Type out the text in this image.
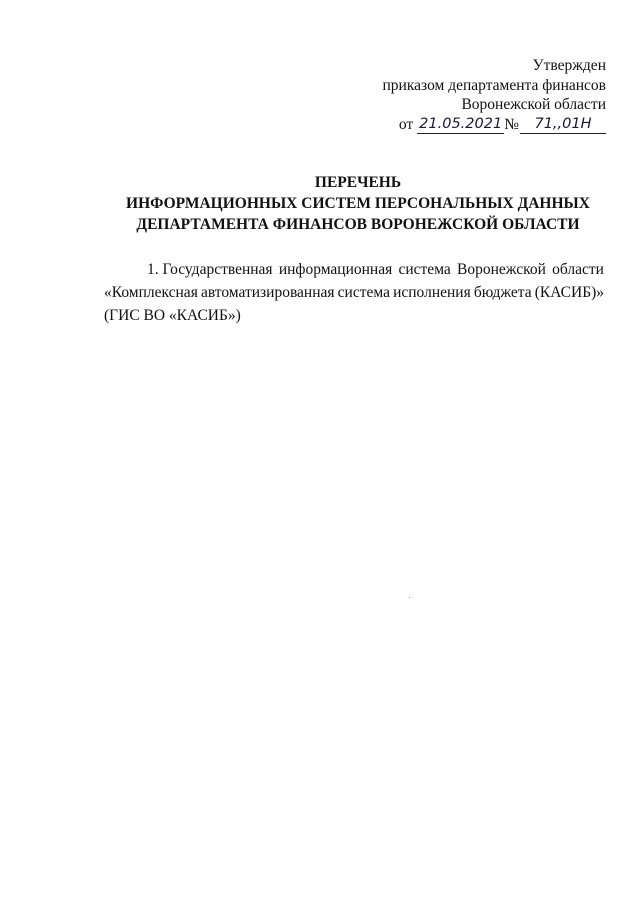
Утвержден
приказом департамента финансов
Воронежской области
от 21.05.2021 №	71,,01Н
ПЕРЕЧЕНЬ
ИНФОРМАЦИОННЫХ СИСТЕМ ПЕРСОНАЛЬНЫХ ДАННЫХ
ДЕПАРТАМЕНТА ФИНАНСОВ ВОРОНЕЖСКОЙ ОБЛАСТИ
1. Государственная информационная система Воронежской области
«Комплексная автоматизированная система исполнения бюджета (КАСИБ)»
(ГИС ВО «КАСИБ»)
